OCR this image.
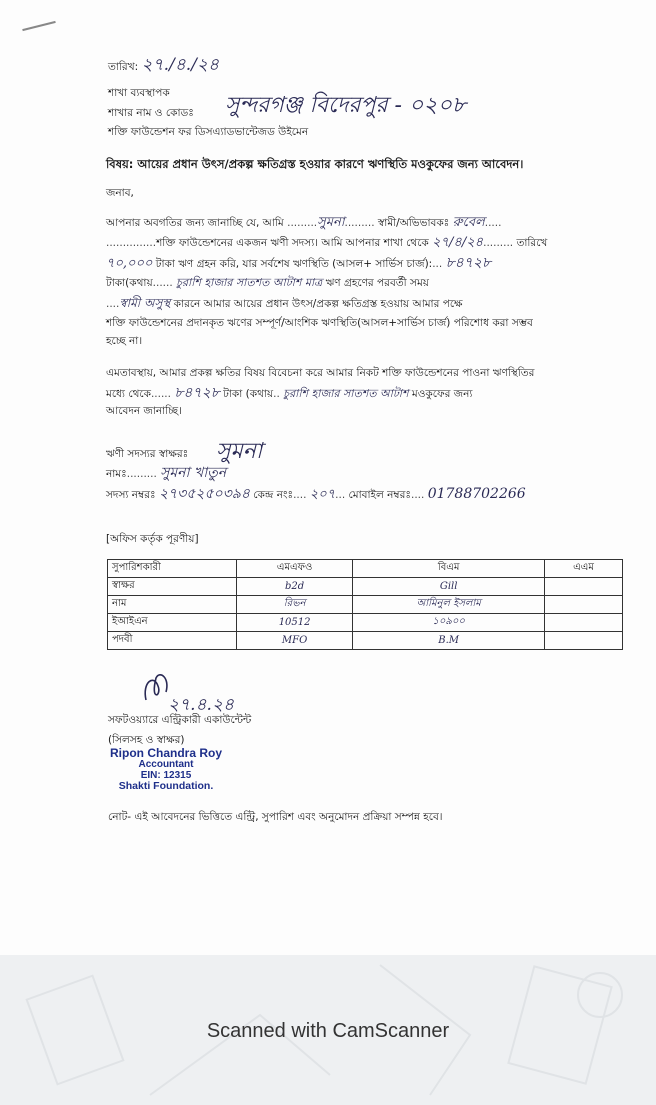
তারিখ: ২৭./৪./২৪
শাখা ব্যবস্থাপক
শাখার নাম ও কোডঃ সুন্দরগঞ্জ বিদেরপুর - ০২০৮
শক্তি ফাউন্ডেশন ফর ডিসএ্যাডভান্টেজড উইমেন
বিষয়: আয়ের প্রধান উৎস/প্রকল্প ক্ষতিগ্রস্ত হওয়ার কারণে ঋণস্থিতি মওকুফের জন্য আবেদন।
জনাব,
আপনার অবগতির জন্য জানাচ্ছি যে, আমি .........সুমনা......... স্বামী/অভিভাবকঃ রুবেল.....
...............শক্তি ফাউন্ডেশনের একজন ঋণী সদস্য। আমি আপনার শাখা থেকে ২৭/৪/২৪......... তারিখে
৭০,০০০ টাকা ঋণ গ্রহন করি, যার সর্বশেষ ঋণস্থিতি (আসল+ সার্ভিস চার্জ):... ৮৪৭২৮
টাকা(কথায়...... চুরাশি হাজার সাতশত আটাশ মাত্র ঋণ গ্রহণের পরবর্তী সময়
....স্বামী অসুস্থ কারনে আমার আয়ের প্রধান উৎস/প্রকল্প ক্ষতিগ্রস্ত হওয়ায় আমার পক্ষে
শক্তি ফাউন্ডেশনের প্রদানকৃত ঋণের সম্পূর্ণ/আংশিক ঋণস্থিতি(আসল+সার্ভিস চার্জ) পরিশোধ করা সম্ভব
হচ্ছে না।
এমতাবস্থায়, আমার প্রকল্প ক্ষতির বিষয় বিবেচনা করে আমার নিকট শক্তি ফাউন্ডেশনের পাওনা ঋণস্থিতির
মধ্যে থেকে...... ৮৪৭২৮ টাকা (কথায়.. চুরাশি হাজার সাতশত আটাশ মওকুফের জন্য
আবেদন জানাচ্ছি।
ঋণী সদস্যর স্বাক্ষরঃ সুমনা
নামঃ......... সুমনা খাতুন
সদস্য নম্বরঃ ২৭৩৫২৫০৩৯৪ কেন্দ্র নংঃ.... ২০৭... মোবাইল নম্বরঃ.... 01788702266
[অফিস কর্তৃক পূরণীয়]
সুপারিশকারী	এমএফও	বিএম	এএম
স্বাক্ষর	b2d	Gill	
নাম	রিভন	আমিনুল ইসলাম	
ইআইএন	10512	১০৯০০	
পদবী	MFO	B.M	
২৭.৪.২৪
সফটওয়্যারে এন্ট্রিকারী একাউন্টেন্ট
(সিলসহ ও স্বাক্ষর)
Ripon Chandra Roy
Accountant
EIN: 12315
Shakti Foundation.
নোট- এই আবেদনের ভিত্তিতে এন্ট্রি, সুপারিশ এবং অনুমোদন প্রক্রিয়া সম্পন্ন হবে।
Scanned with CamScanner
